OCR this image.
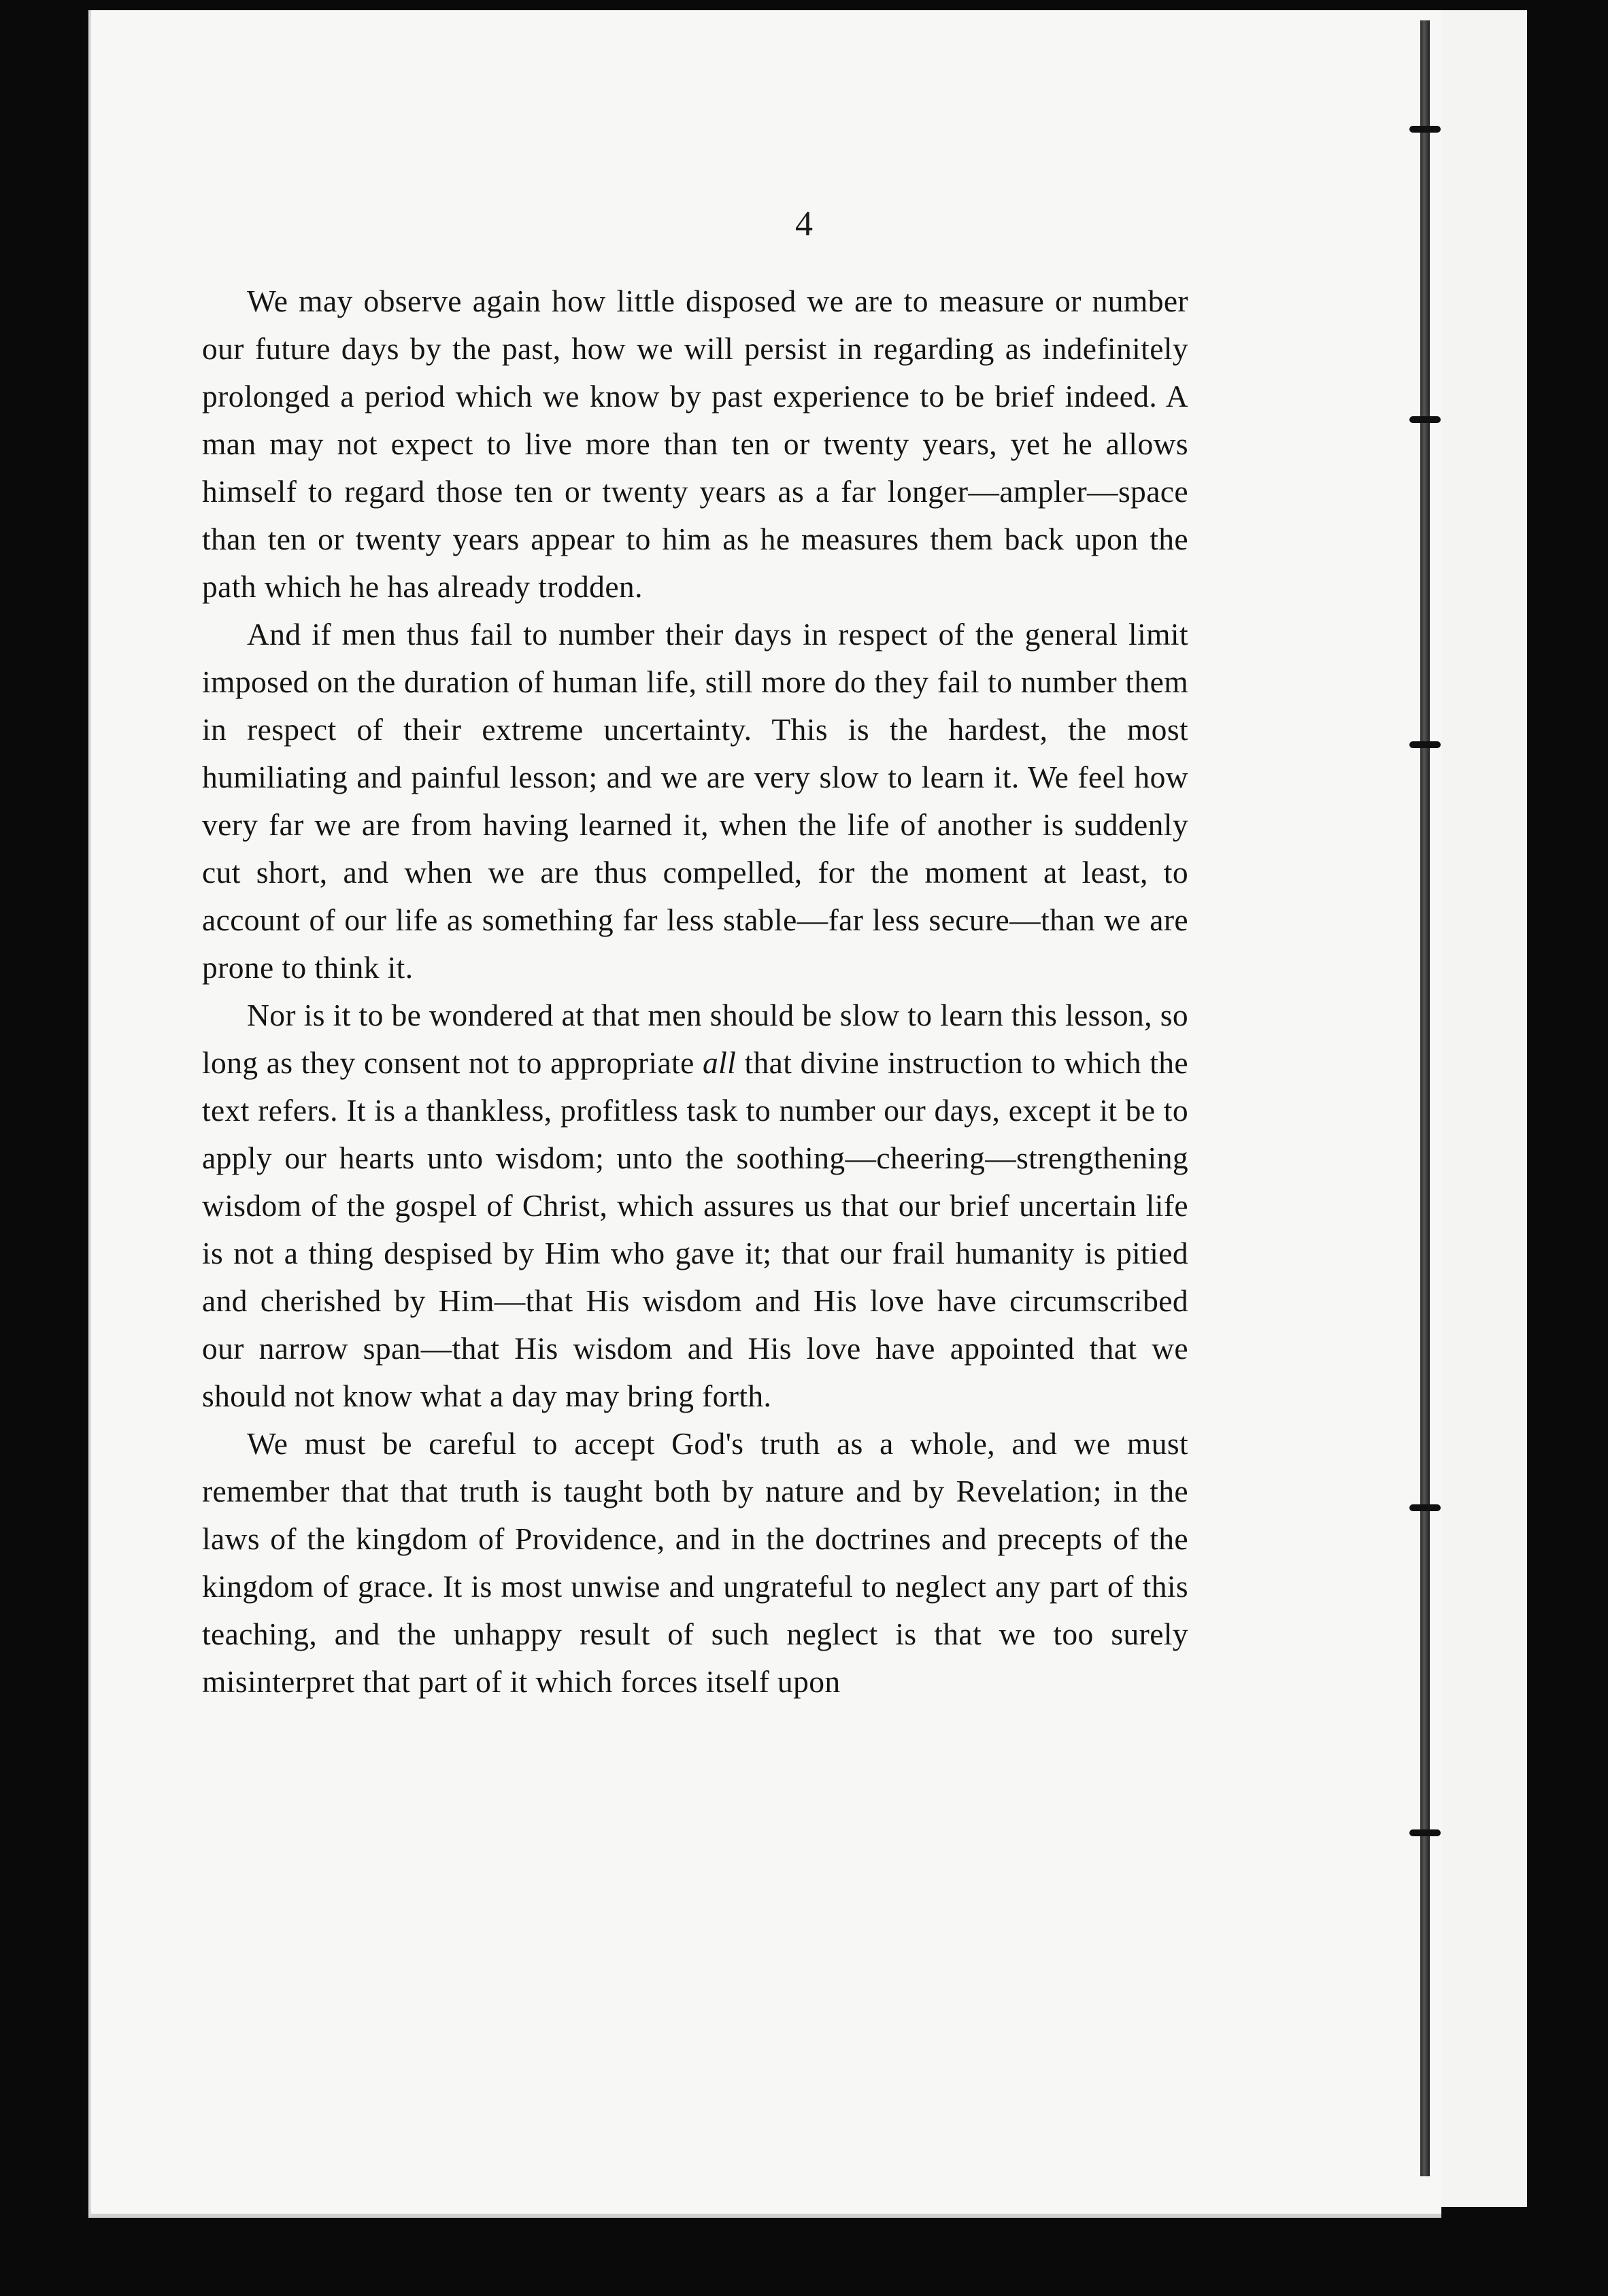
4

We may observe again how little disposed we are to measure or number our future days by the past, how we will persist in regarding as indefinitely prolonged a period which we know by past experience to be brief indeed. A man may not expect to live more than ten or twenty years, yet he allows himself to regard those ten or twenty years as a far longer—ampler—space than ten or twenty years appear to him as he measures them back upon the path which he has already trodden.

And if men thus fail to number their days in respect of the general limit imposed on the duration of human life, still more do they fail to number them in respect of their extreme uncertainty. This is the hardest, the most humiliating and painful lesson; and we are very slow to learn it. We feel how very far we are from having learned it, when the life of another is suddenly cut short, and when we are thus compelled, for the moment at least, to account of our life as something far less stable—far less secure—than we are prone to think it.

Nor is it to be wondered at that men should be slow to learn this lesson, so long as they consent not to appropriate all that divine instruction to which the text refers. It is a thankless, profitless task to number our days, except it be to apply our hearts unto wisdom; unto the soothing—cheering—strengthening wisdom of the gospel of Christ, which assures us that our brief uncertain life is not a thing despised by Him who gave it; that our frail humanity is pitied and cherished by Him—that His wisdom and His love have circumscribed our narrow span—that His wisdom and His love have appointed that we should not know what a day may bring forth.

We must be careful to accept God's truth as a whole, and we must remember that that truth is taught both by nature and by Revelation; in the laws of the kingdom of Providence, and in the doctrines and precepts of the kingdom of grace. It is most unwise and ungrateful to neglect any part of this teaching, and the unhappy result of such neglect is that we too surely misinterpret that part of it which forces itself upon
